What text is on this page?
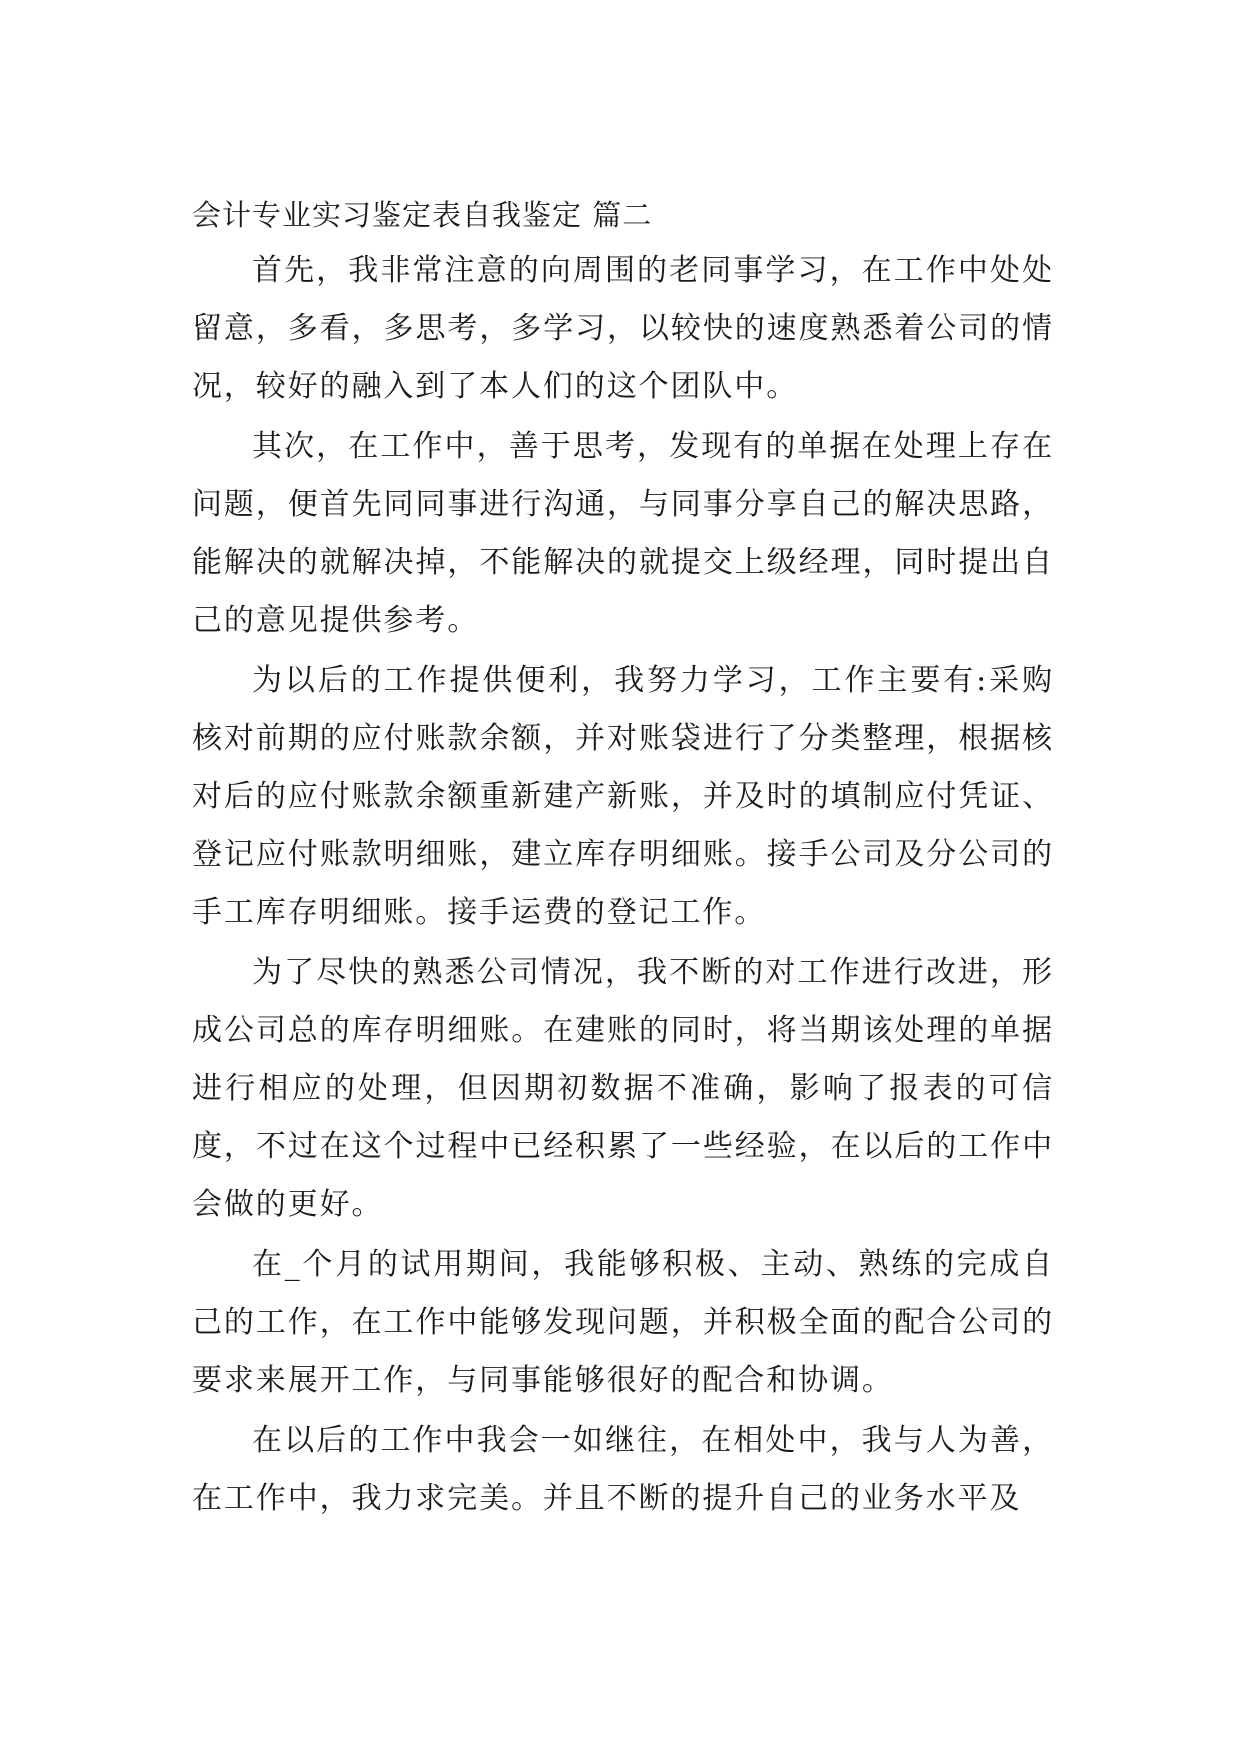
会计专业实习鉴定表自我鉴定 篇二

首先，我非常注意的向周围的老同事学习，在工作中处处留意，多看，多思考，多学习，以较快的速度熟悉着公司的情况，较好的融入到了本人们的这个团队中。

其次，在工作中，善于思考，发现有的单据在处理上存在问题，便首先同同事进行沟通，与同事分享自己的解决思路，能解决的就解决掉，不能解决的就提交上级经理，同时提出自己的意见提供参考。

为以后的工作提供便利，我努力学习，工作主要有:采购核对前期的应付账款余额，并对账袋进行了分类整理，根据核对后的应付账款余额重新建产新账，并及时的填制应付凭证、登记应付账款明细账，建立库存明细账。接手公司及分公司的手工库存明细账。接手运费的登记工作。

为了尽快的熟悉公司情况，我不断的对工作进行改进，形成公司总的库存明细账。在建账的同时，将当期该处理的单据进行相应的处理，但因期初数据不准确，影响了报表的可信度，不过在这个过程中已经积累了一些经验，在以后的工作中会做的更好。

在_个月的试用期间，我能够积极、主动、熟练的完成自己的工作，在工作中能够发现问题，并积极全面的配合公司的要求来展开工作，与同事能够很好的配合和协调。

在以后的工作中我会一如继往，在相处中，我与人为善，在工作中，我力求完美。并且不断的提升自己的业务水平及
